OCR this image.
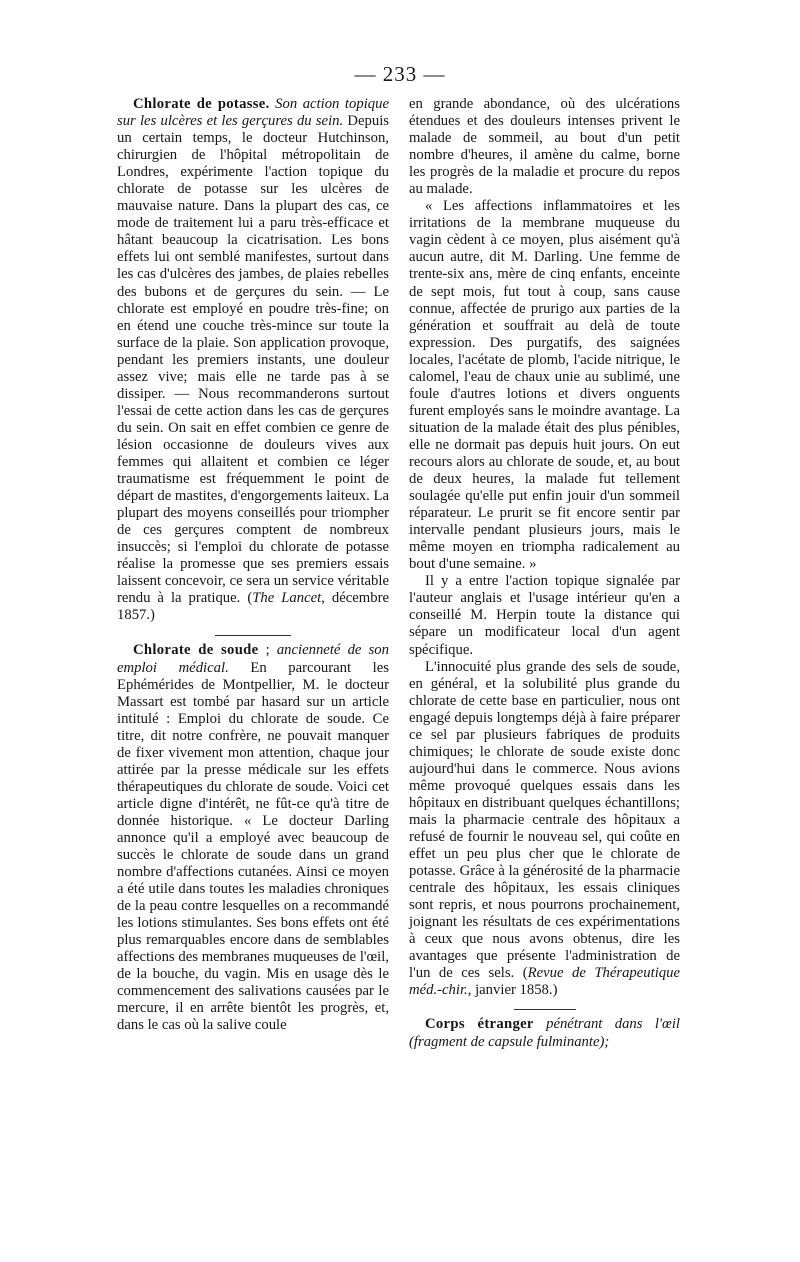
— 233 —

Chlorate de potasse. Son action topique sur les ulcères et les gerçures du sein. Depuis un certain temps, le docteur Hutchinson, chirurgien de l'hôpital métropolitain de Londres, expérimente l'action topique du chlorate de potasse sur les ulcères de mauvaise nature. Dans la plupart des cas, ce mode de traitement lui a paru très-efficace et hâtant beaucoup la cicatrisation. Les bons effets lui ont semblé manifestes, surtout dans les cas d'ulcères des jambes, de plaies rebelles des bubons et de gerçures du sein. — Le chlorate est employé en poudre très-fine; on en étend une couche très-mince sur toute la surface de la plaie. Son application provoque, pendant les premiers instants, une douleur assez vive; mais elle ne tarde pas à se dissiper. — Nous recommanderons surtout l'essai de cette action dans les cas de gerçures du sein. On sait en effet combien ce genre de lésion occasionne de douleurs vives aux femmes qui allaitent et combien ce léger traumatisme est fréquemment le point de départ de mastites, d'engorgements laiteux. La plupart des moyens conseillés pour triompher de ces gerçures comptent de nombreux insuccès; si l'emploi du chlorate de potasse réalise la promesse que ses premiers essais laissent concevoir, ce sera un service véritable rendu à la pratique. (The Lancet, décembre 1857.)

Chlorate de soude ; ancienneté de son emploi médical. En parcourant les Ephémérides de Montpellier, M. le docteur Massart est tombé par hasard sur un article intitulé : Emploi du chlorate de soude. Ce titre, dit notre confrère, ne pouvait manquer de fixer vivement mon attention, chaque jour attirée par la presse médicale sur les effets thérapeutiques du chlorate de soude. Voici cet article digne d'intérêt, ne fût-ce qu'à titre de donnée historique. « Le docteur Darling annonce qu'il a employé avec beaucoup de succès le chlorate de soude dans un grand nombre d'affections cutanées. Ainsi ce moyen a été utile dans toutes les maladies chroniques de la peau contre lesquelles on a recommandé les lotions stimulantes. Ses bons effets ont été plus remarquables encore dans de semblables affections des membranes muqueuses de l'œil, de la bouche, du vagin. Mis en usage dès le commencement des salivations causées par le mercure, il en arrête bientôt les progrès, et, dans le cas où la salive coule

en grande abondance, où des ulcérations étendues et des douleurs intenses privent le malade de sommeil, au bout d'un petit nombre d'heures, il amène du calme, borne les progrès de la maladie et procure du repos au malade.

« Les affections inflammatoires et les irritations de la membrane muqueuse du vagin cèdent à ce moyen, plus aisément qu'à aucun autre, dit M. Darling. Une femme de trente-six ans, mère de cinq enfants, enceinte de sept mois, fut tout à coup, sans cause connue, affectée de prurigo aux parties de la génération et souffrait au delà de toute expression. Des purgatifs, des saignées locales, l'acétate de plomb, l'acide nitrique, le calomel, l'eau de chaux unie au sublimé, une foule d'autres lotions et divers onguents furent employés sans le moindre avantage. La situation de la malade était des plus pénibles, elle ne dormait pas depuis huit jours. On eut recours alors au chlorate de soude, et, au bout de deux heures, la malade fut tellement soulagée qu'elle put enfin jouir d'un sommeil réparateur. Le prurit se fit encore sentir par intervalle pendant plusieurs jours, mais le même moyen en triompha radicalement au bout d'une semaine. »

Il y a entre l'action topique signalée par l'auteur anglais et l'usage intérieur qu'en a conseillé M. Herpin toute la distance qui sépare un modificateur local d'un agent spécifique.

L'innocuité plus grande des sels de soude, en général, et la solubilité plus grande du chlorate de cette base en particulier, nous ont engagé depuis longtemps déjà à faire préparer ce sel par plusieurs fabriques de produits chimiques; le chlorate de soude existe donc aujourd'hui dans le commerce. Nous avions même provoqué quelques essais dans les hôpitaux en distribuant quelques échantillons; mais la pharmacie centrale des hôpitaux a refusé de fournir le nouveau sel, qui coûte en effet un peu plus cher que le chlorate de potasse. Grâce à la générosité de la pharmacie centrale des hôpitaux, les essais cliniques sont repris, et nous pourrons prochainement, joignant les résultats de ces expérimentations à ceux que nous avons obtenus, dire les avantages que présente l'administration de l'un de ces sels. (Revue de Thérapeutique méd.-chir., janvier 1858.)

Corps étranger pénétrant dans l'œil (fragment de capsule fulminante);
